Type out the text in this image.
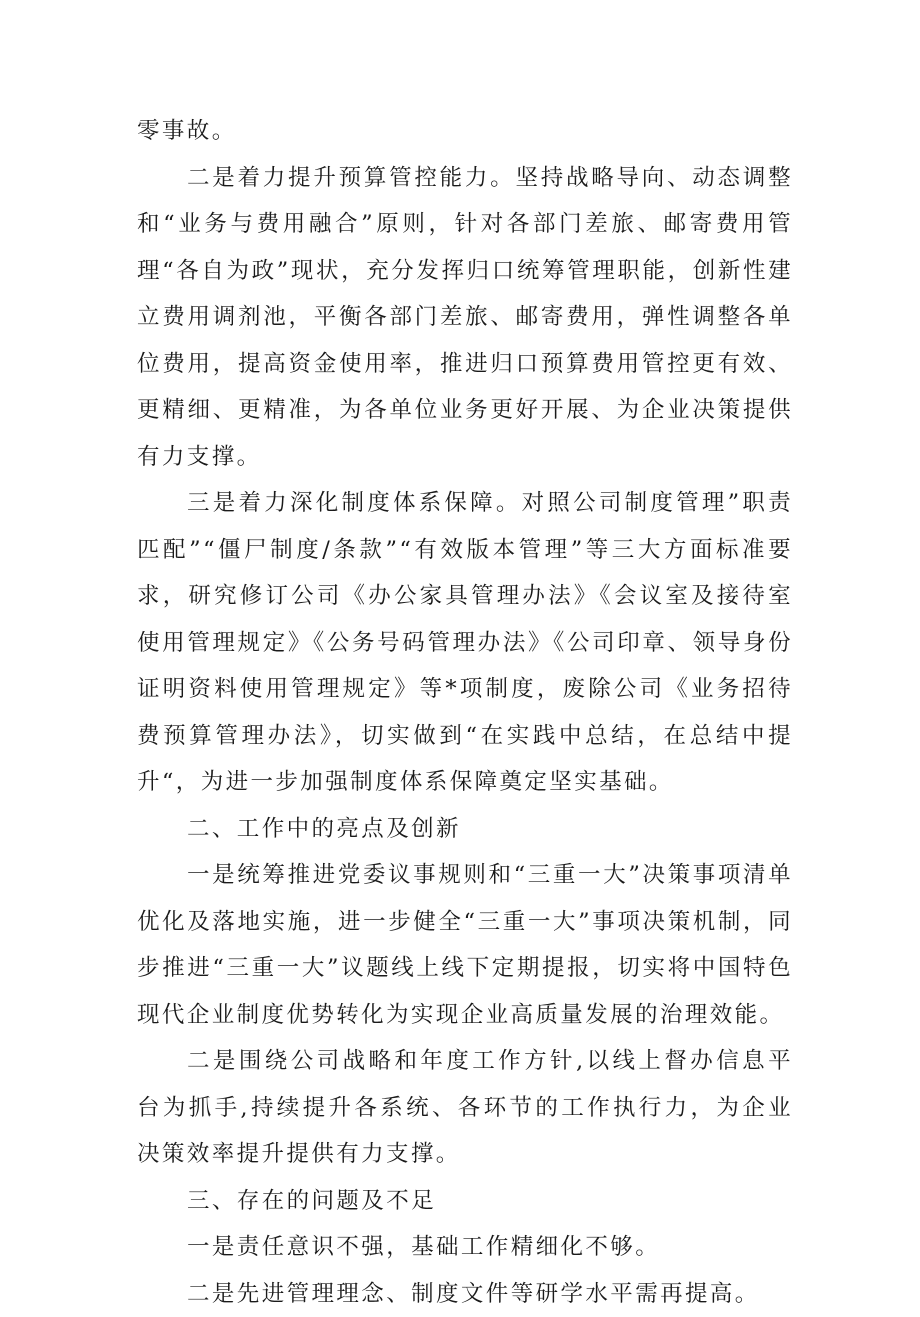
零事故。

二是着力提升预算管控能力。坚持战略导向、动态调整和“业务与费用融合”原则，针对各部门差旅、邮寄费用管理“各自为政”现状，充分发挥归口统筹管理职能，创新性建立费用调剂池，平衡各部门差旅、邮寄费用，弹性调整各单位费用，提高资金使用率，推进归口预算费用管控更有效、更精细、更精准，为各单位业务更好开展、为企业决策提供有力支撑。

三是着力深化制度体系保障。对照公司制度管理”职责匹配”“僵尸制度/条款”“有效版本管理”等三大方面标准要求，研究修订公司《办公家具管理办法》《会议室及接待室使用管理规定》《公务号码管理办法》《公司印章、领导身份证明资料使用管理规定》等*项制度，废除公司《业务招待费预算管理办法》，切实做到“在实践中总结，在总结中提升“，为进一步加强制度体系保障奠定坚实基础。

二、工作中的亮点及创新

一是统筹推进党委议事规则和“三重一大”决策事项清单优化及落地实施，进一步健全“三重一大”事项决策机制，同步推进“三重一大”议题线上线下定期提报，切实将中国特色现代企业制度优势转化为实现企业高质量发展的治理效能。

二是围绕公司战略和年度工作方针,以线上督办信息平台为抓手,持续提升各系统、各环节的工作执行力，为企业决策效率提升提供有力支撑。

三、存在的问题及不足

一是责任意识不强，基础工作精细化不够。

二是先进管理理念、制度文件等研学水平需再提高。
